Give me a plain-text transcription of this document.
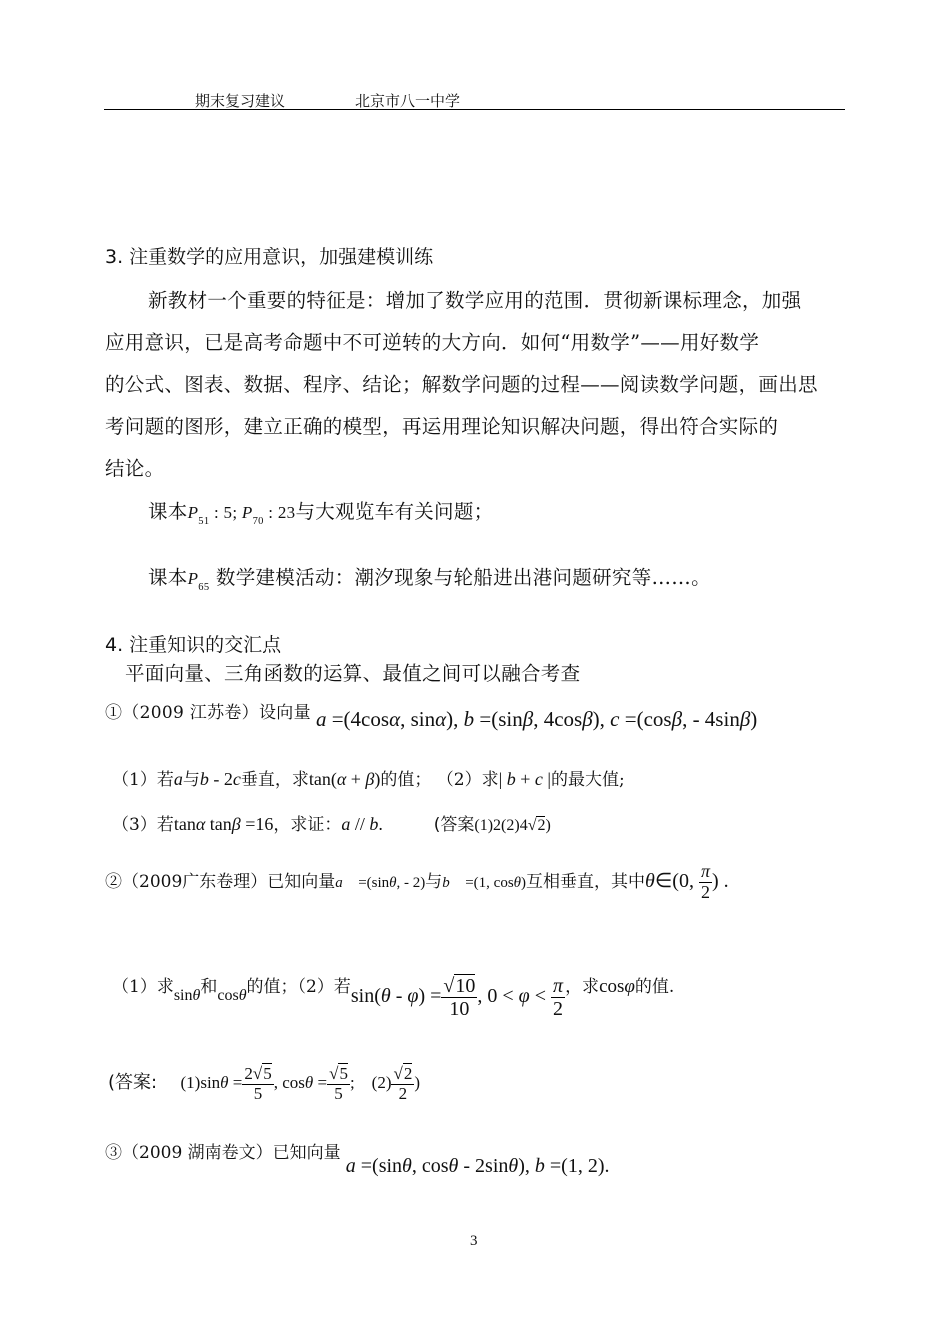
期末复习建议	北京市八一中学
3. 注重数学的应用意识，加强建模训练
新教材一个重要的特征是：增加了数学应用的范围．贯彻新课标理念，加强
应用意识，已是高考命题中不可逆转的大方向．如何“用数学”——用好数学
的公式、图表、数据、程序、结论；解数学问题的过程——阅读数学问题，画出思
考问题的图形，建立正确的模型，再运用理论知识解决问题，得出符合实际的
结论。
课本$P_{51}$ : 5; $P_{70}$ : 23与大观览车有关问题；
课本$P_{65}$ 数学建模活动：潮汐现象与轮船进出港问题研究等……。
4. 注重知识的交汇点
平面向量、三角函数的运算、最值之间可以融合考查
①（2009 江苏卷）设向量 a =(4cosα, sinα), b =(sinβ, 4cosβ), c =(cosβ, - 4sinβ)
（1）若a与b - 2c垂直，求tan(α + β)的值； （2）求| b + c |的最大值;
（3）若tanα tanβ =16，求证：a // b.	(答案(1)2(2)4√2)
②（2009广东卷理）已知向量a⃗ =(sinθ, - 2)与b⃗ =(1, cosθ)互相垂直，其中θ∈(0, $\frac{\pi}{2}$ ) .
（1）求sinθ和cosθ的值；（2）若$\sin(\theta - \varphi) = \frac{√10}{10}$ , $0 < \varphi < \frac{\pi}{2}$ ，求cosφ的值.
(答案: $(1)\sin\theta = \frac{2√5}{5}$ , $\cos\theta = \frac{√5}{5}$ ;    $(2) \frac{√2}{2}$ )
③（2009 湖南卷文）已知向量 a =(sinθ, cosθ - 2sinθ), b =(1, 2).
3
